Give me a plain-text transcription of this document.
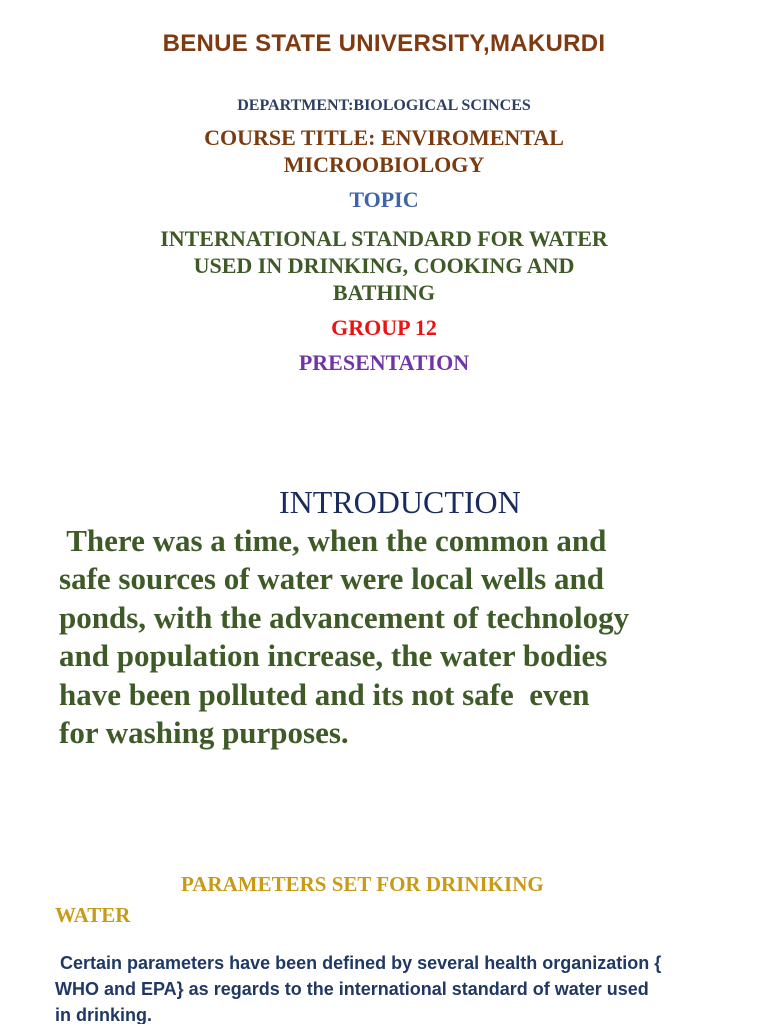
BENUE STATE UNIVERSITY,MAKURDI
DEPARTMENT:BIOLOGICAL SCINCES
COURSE TITLE: ENVIROMENTAL
MICROOBIOLOGY
TOPIC
INTERNATIONAL STANDARD FOR WATER
USED IN DRINKING, COOKING AND
BATHING
GROUP 12
PRESENTATION
INTRODUCTION
There was a time, when the common and
safe sources of water were local wells and
ponds, with the advancement of technology
and population increase, the water bodies
have been polluted and its not safe  even
for washing purposes.
PARAMETERS SET FOR DRINIKING
WATER
Certain parameters have been defined by several health organization {
WHO and EPA} as regards to the international standard of water used
in drinking.
